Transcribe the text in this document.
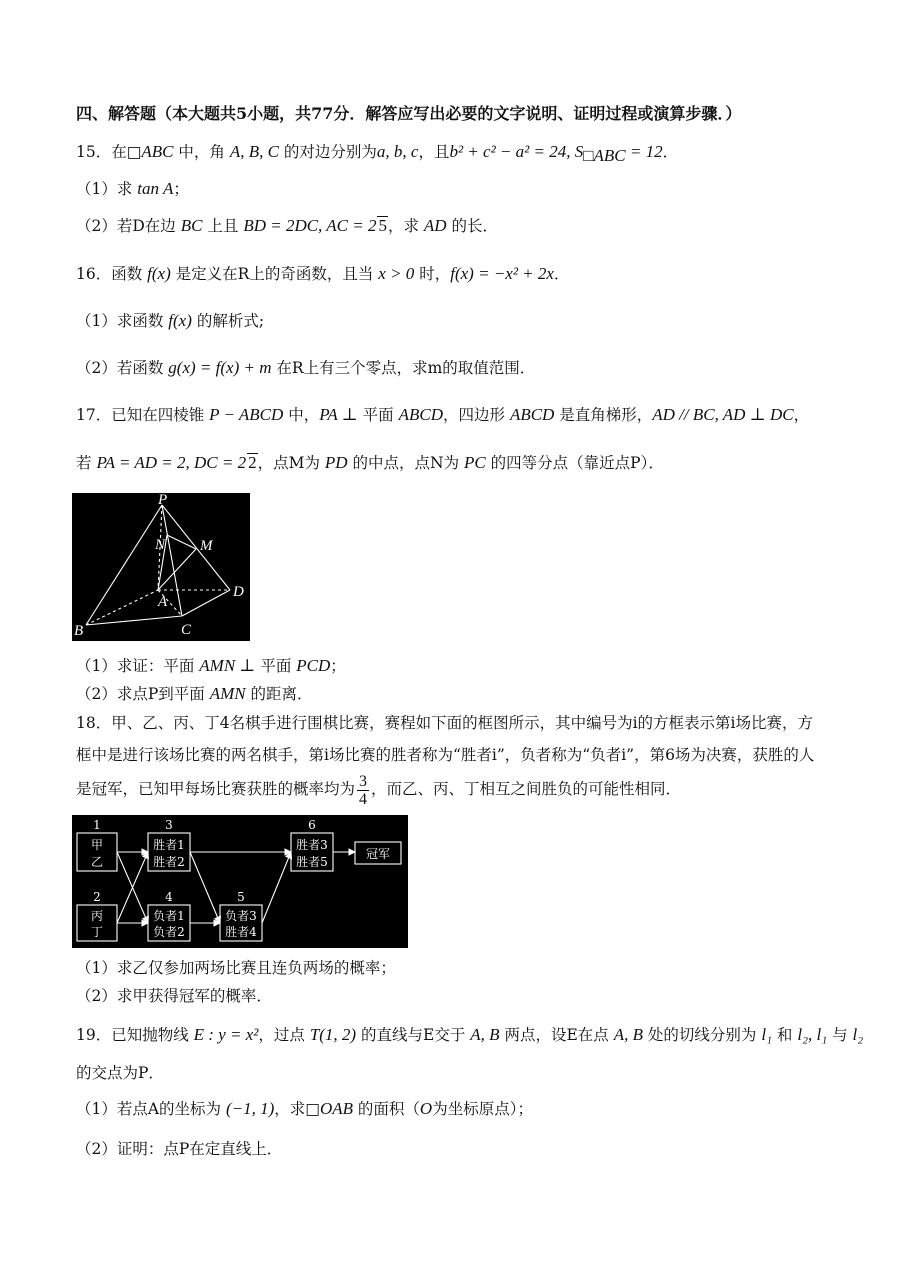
四、解答题（本大题共5小题，共77分．解答应写出必要的文字说明、证明过程或演算步骤．）
15．在□ABC 中，角 A, B, C 的对边分别为a, b, c，且b² + c² − a² = 24, $S_{□ABC} = 12$．
（1）求 tan A；
（2）若D在边 BC 上且 BD = 2DC, AC = 2 5，求 AD 的长．
16．函数 f(x) 是定义在R上的奇函数，且当 x > 0 时，f(x) = −x² + 2x．
（1）求函数 f(x) 的解析式;
（2）若函数 g(x) = f(x) + m 在R上有三个零点，求m的取值范围．
17．已知在四棱锥 P − ABCD 中，PA ⊥ 平面 ABCD，四边形 ABCD 是直角梯形，AD // BC, AD ⊥ DC，
若 PA = AD = 2, DC = 2 2，点M为 PD 的中点，点N为 PC 的四等分点（靠近点P）．
P
N M
A
D
B	C
（1）求证：平面 AMN ⊥ 平面 PCD；
（2）求点P到平面 AMN 的距离．
18．甲、乙、丙、丁4名棋手进行围棋比赛，赛程如下面的框图所示，其中编号为i的方框表示第i场比赛，方
框中是进行该场比赛的两名棋手，第i场比赛的胜者称为“胜者i”，负者称为“负者i”，第6场为决赛，获胜的人
是冠军，已知甲每场比赛获胜的概率均为 $\frac{3}{4}$ ，而乙、丙、丁相互之间胜负的可能性相同．
1
甲
乙
2
丙
丁
3
胜者1
胜者2
4
负者1
负者2
5
负者3
胜者4
6
胜者3
胜者5
冠军
（1）求乙仅参加两场比赛且连负两场的概率；
（2）求甲获得冠军的概率．
19．已知抛物线 E : y = x²，过点 T(1, 2) 的直线与E交于 A, B 两点，设E在点 A, B 处的切线分别为 l₁ 和 l₂, l₁ 与 l₂
的交点为P．
（1）若点A的坐标为 (−1, 1)，求□OAB 的面积（O为坐标原点）；
（2）证明：点P在定直线上．
